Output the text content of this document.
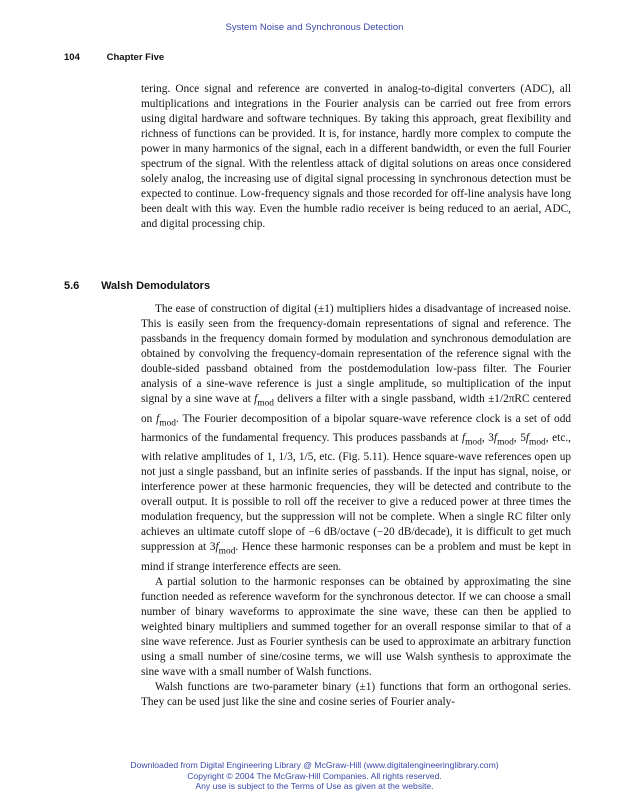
System Noise and Synchronous Detection
104	Chapter Five

tering. Once signal and reference are converted in analog-to-digital converters (ADC), all multiplications and integrations in the Fourier analysis can be carried out free from errors using digital hardware and software techniques. By taking this approach, great flexibility and richness of functions can be provided. It is, for instance, hardly more complex to compute the power in many harmonics of the signal, each in a different bandwidth, or even the full Fourier spectrum of the signal. With the relentless attack of digital solutions on areas once considered solely analog, the increasing use of digital signal processing in synchronous detection must be expected to continue. Low-frequency signals and those recorded for off-line analysis have long been dealt with this way. Even the humble radio receiver is being reduced to an aerial, ADC, and digital processing chip.

5.6 Walsh Demodulators

The ease of construction of digital (±1) multipliers hides a disadvantage of increased noise. This is easily seen from the frequency-domain representations of signal and reference. The passbands in the frequency domain formed by modulation and synchronous demodulation are obtained by convolving the frequency-domain representation of the reference signal with the double-sided passband obtained from the postdemodulation low-pass filter. The Fourier analysis of a sine-wave reference is just a single amplitude, so multiplication of the input signal by a sine wave at $f_{mod}$ delivers a filter with a single passband, width ±1/2πRC centered on $f_{mod}$. The Fourier decomposition of a bipolar square-wave reference clock is a set of odd harmonics of the fundamental frequency. This produces passbands at $f_{mod}$, $3f_{mod}$, $5f_{mod}$, etc., with relative amplitudes of 1, 1/3, 1/5, etc. (Fig. 5.11). Hence square-wave references open up not just a single passband, but an infinite series of passbands. If the input has signal, noise, or interference power at these harmonic frequencies, they will be detected and contribute to the overall output. It is possible to roll off the receiver to give a reduced power at three times the modulation frequency, but the suppression will not be complete. When a single RC filter only achieves an ultimate cutoff slope of −6 dB/octave (−20 dB/decade), it is difficult to get much suppression at $3f_{mod}$. Hence these harmonic responses can be a problem and must be kept in mind if strange interference effects are seen.

A partial solution to the harmonic responses can be obtained by approximating the sine function needed as reference waveform for the synchronous detector. If we can choose a small number of binary waveforms to approximate the sine wave, these can then be applied to weighted binary multipliers and summed together for an overall response similar to that of a sine wave reference. Just as Fourier synthesis can be used to approximate an arbitrary function using a small number of sine/cosine terms, we will use Walsh synthesis to approximate the sine wave with a small number of Walsh functions.

Walsh functions are two-parameter binary (±1) functions that form an orthogonal series. They can be used just like the sine and cosine series of Fourier analy-

Downloaded from Digital Engineering Library @ McGraw-Hill (www.digitalengineeringlibrary.com)
Copyright © 2004 The McGraw-Hill Companies. All rights reserved.
Any use is subject to the Terms of Use as given at the website.
